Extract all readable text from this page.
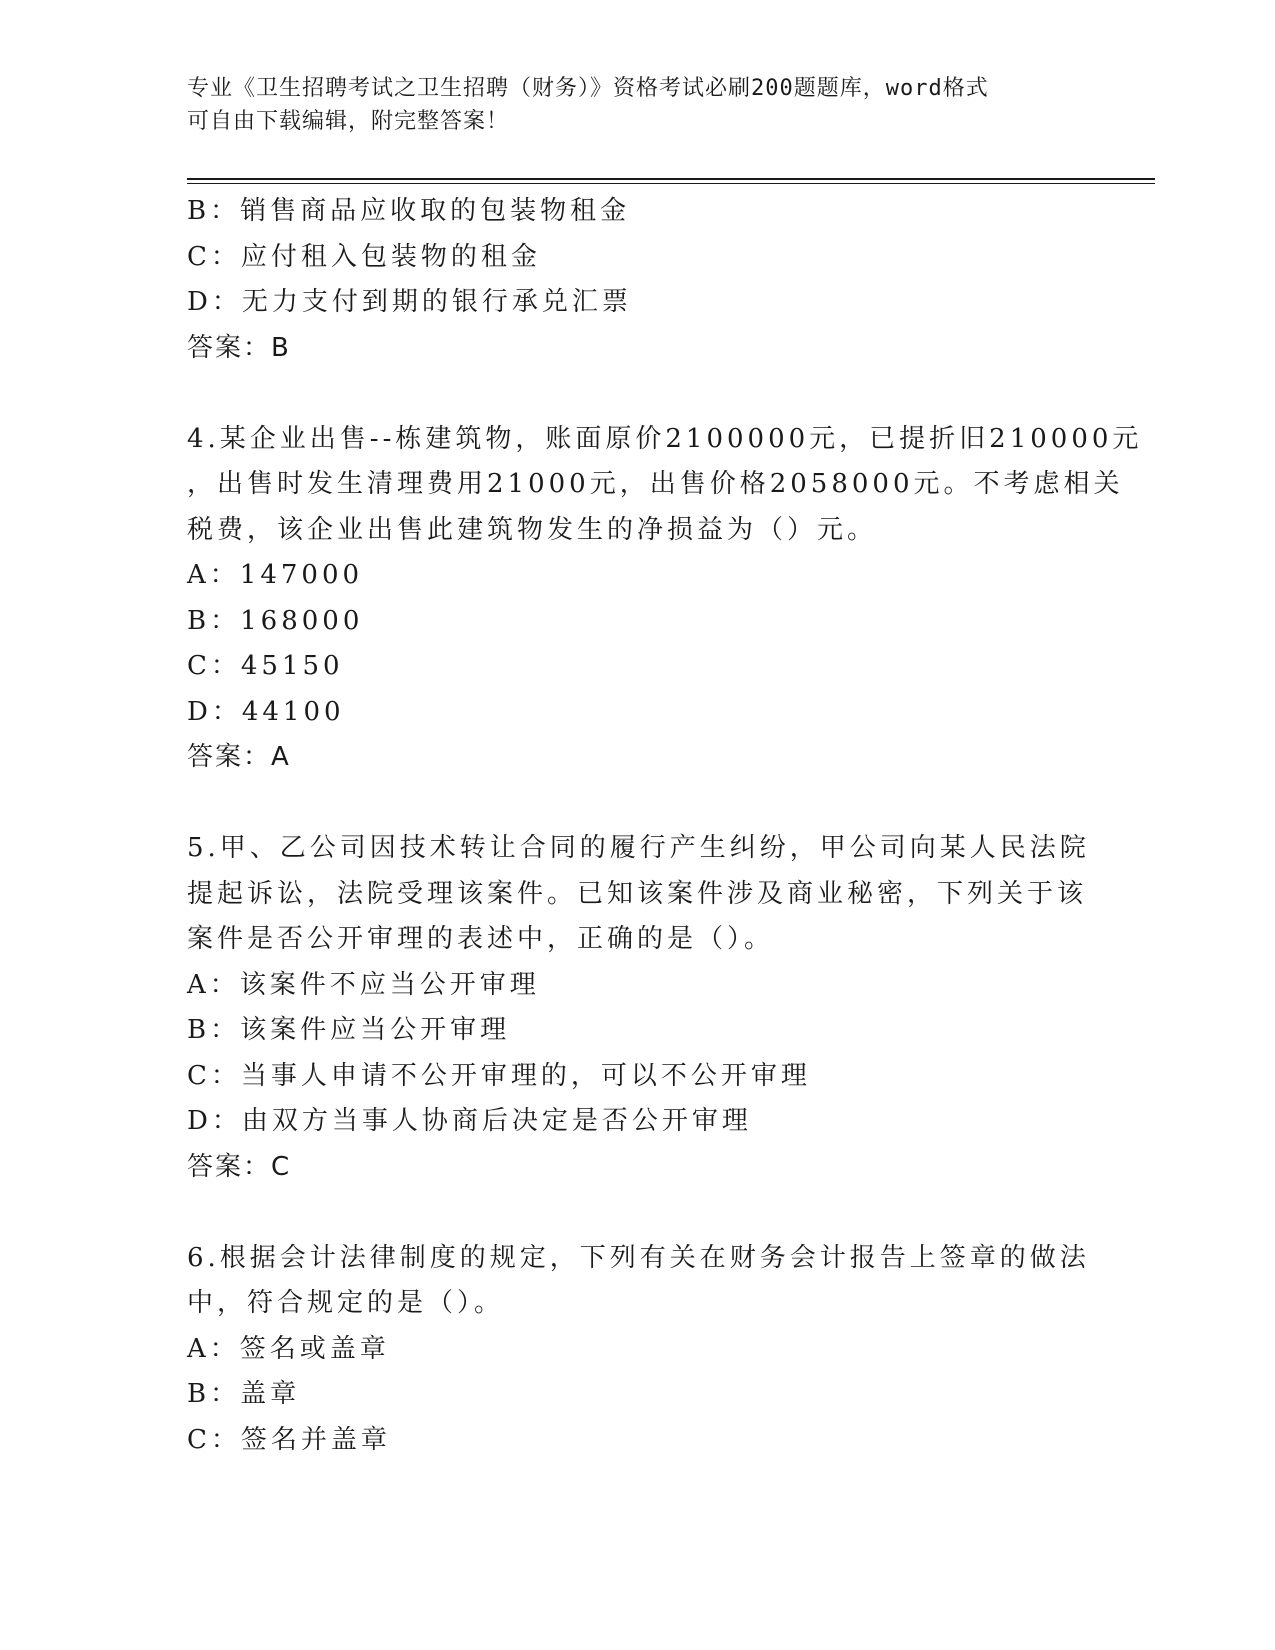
专业《卫生招聘考试之卫生招聘（财务）》资格考试必刷200题题库，word格式
可自由下载编辑，附完整答案！
B：销售商品应收取的包装物租金
C：应付租入包装物的租金
D：无力支付到期的银行承兑汇票
答案：B
4.某企业出售--栋建筑物，账面原价2100000元，已提折旧210000元
，出售时发生清理费用21000元，出售价格2058000元。不考虑相关
税费，该企业出售此建筑物发生的净损益为（）元。
A：147000
B：168000
C：45150
D：44100
答案：A
5.甲、乙公司因技术转让合同的履行产生纠纷，甲公司向某人民法院
提起诉讼，法院受理该案件。已知该案件涉及商业秘密，下列关于该
案件是否公开审理的表述中，正确的是（）。
A：该案件不应当公开审理
B：该案件应当公开审理
C：当事人申请不公开审理的，可以不公开审理
D：由双方当事人协商后决定是否公开审理
答案：C
6.根据会计法律制度的规定，下列有关在财务会计报告上签章的做法
中，符合规定的是（）。
A：签名或盖章
B：盖章
C：签名并盖章
